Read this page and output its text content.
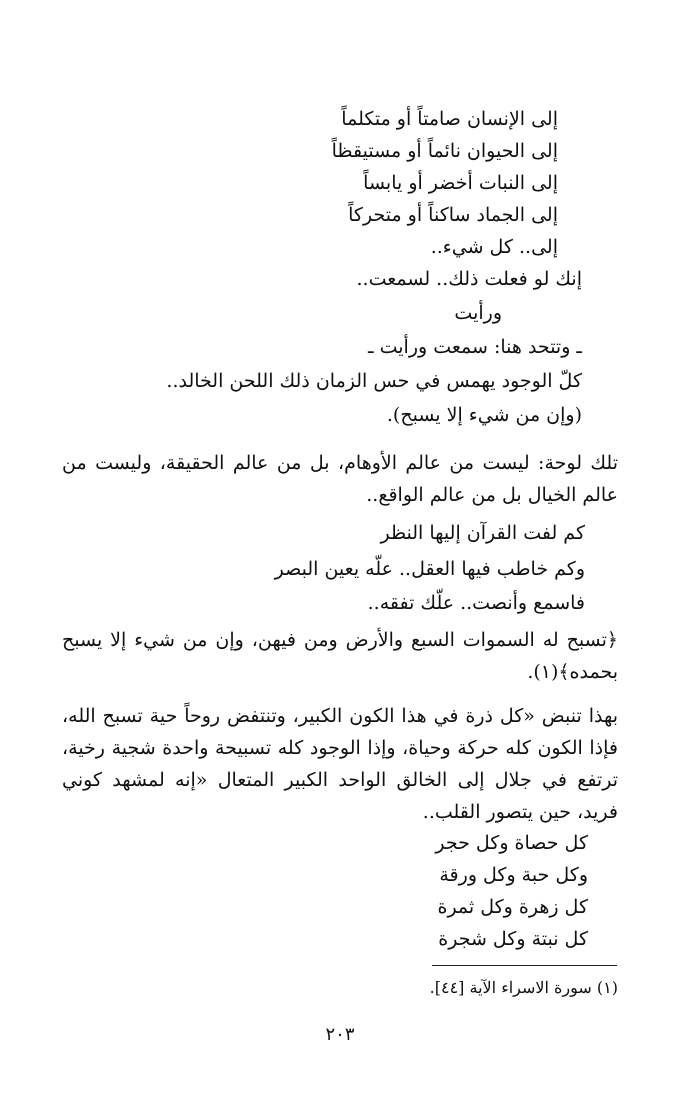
إلى الإنسان صامتاً أو متكلماً
إلى الحيوان نائماً أو مستيقظاً
إلى النبات أخضر أو يابساً
إلى الجماد ساكناً أو متحركاً
إلى.. كل شيء..
إنك لو فعلت ذلك.. لسمعت..
ورأيت
ـ وتتحد هنا: سمعت ورأيت ـ
كلّ الوجود يهمس في حس الزمان ذلك اللحن الخالد..
(وإن من شيء إلا يسبح).
تلك لوحة: ليست من عالم الأوهام، بل من عالم الحقيقة، وليست من عالم الخيال بل من عالم الواقع..
كم لفت القرآن إليها النظر
وكم خاطب فيها العقل.. علّه يعين البصر
فاسمع وأنصت.. علّك تفقه..
﴿تسبح له السموات السبع والأرض ومن فيهن، وإن من شيء إلا يسبح بحمده﴾(١).
بهذا تنبض «كل ذرة في هذا الكون الكبير، وتنتفض روحاً حية تسبح الله، فإذا الكون كله حركة وحياة، وإذا الوجود كله تسبيحة واحدة شجية رخية، ترتفع في جلال إلى الخالق الواحد الكبير المتعال «إنه لمشهد كوني فريد، حين يتصور القلب..
كل حصاة وكل حجر
وكل حبة وكل ورقة
كل زهرة وكل ثمرة
كل نبتة وكل شجرة
(١) سورة الاسراء الآية [٤٤].
٢٠٣
